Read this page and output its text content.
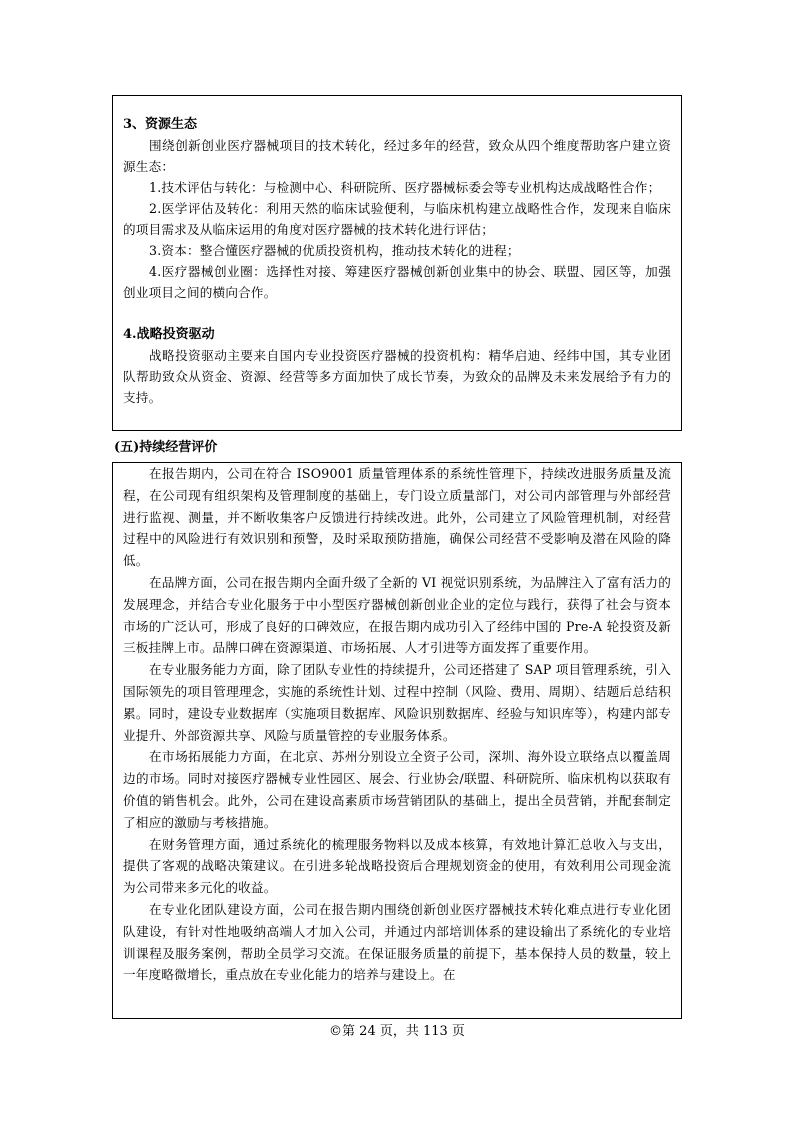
3、资源生态

围绕创新创业医疗器械项目的技术转化，经过多年的经营，致众从四个维度帮助客户建立资源生态：

1.技术评估与转化：与检测中心、科研院所、医疗器械标委会等专业机构达成战略性合作；

2.医学评估及转化：利用天然的临床试验便利，与临床机构建立战略性合作，发现来自临床的项目需求及从临床运用的角度对医疗器械的技术转化进行评估；

3.资本：整合懂医疗器械的优质投资机构，推动技术转化的进程；

4.医疗器械创业圈：选择性对接、筹建医疗器械创新创业集中的协会、联盟、园区等，加强创业项目之间的横向合作。

4.战略投资驱动

战略投资驱动主要来自国内专业投资医疗器械的投资机构：精华启迪、经纬中国，其专业团队帮助致众从资金、资源、经营等多方面加快了成长节奏，为致众的品牌及未来发展给予有力的支持。

(五)持续经营评价

在报告期内，公司在符合 ISO9001 质量管理体系的系统性管理下，持续改进服务质量及流程，在公司现有组织架构及管理制度的基础上，专门设立质量部门，对公司内部管理与外部经营进行监视、测量，并不断收集客户反馈进行持续改进。此外，公司建立了风险管理机制，对经营过程中的风险进行有效识别和预警，及时采取预防措施，确保公司经营不受影响及潜在风险的降低。

在品牌方面，公司在报告期内全面升级了全新的 VI 视觉识别系统，为品牌注入了富有活力的发展理念，并结合专业化服务于中小型医疗器械创新创业企业的定位与践行，获得了社会与资本市场的广泛认可，形成了良好的口碑效应，在报告期内成功引入了经纬中国的 Pre-A 轮投资及新三板挂牌上市。品牌口碑在资源渠道、市场拓展、人才引进等方面发挥了重要作用。

在专业服务能力方面，除了团队专业性的持续提升，公司还搭建了 SAP 项目管理系统，引入国际领先的项目管理理念，实施的系统性计划、过程中控制（风险、费用、周期）、结题后总结积累。同时，建设专业数据库（实施项目数据库、风险识别数据库、经验与知识库等），构建内部专业提升、外部资源共享、风险与质量管控的专业服务体系。

在市场拓展能力方面，在北京、苏州分别设立全资子公司，深圳、海外设立联络点以覆盖周边的市场。同时对接医疗器械专业性园区、展会、行业协会/联盟、科研院所、临床机构以获取有价值的销售机会。此外，公司在建设高素质市场营销团队的基础上，提出全员营销，并配套制定了相应的激励与考核措施。

在财务管理方面，通过系统化的梳理服务物料以及成本核算，有效地计算汇总收入与支出，提供了客观的战略决策建议。在引进多轮战略投资后合理规划资金的使用，有效利用公司现金流为公司带来多元化的收益。

在专业化团队建设方面，公司在报告期内围绕创新创业医疗器械技术转化难点进行专业化团队建设，有针对性地吸纳高端人才加入公司，并通过内部培训体系的建设输出了系统化的专业培训课程及服务案例，帮助全员学习交流。在保证服务质量的前提下，基本保持人员的数量，较上一年度略微增长，重点放在专业化能力的培养与建设上。在

©第 24 页，共 113 页
